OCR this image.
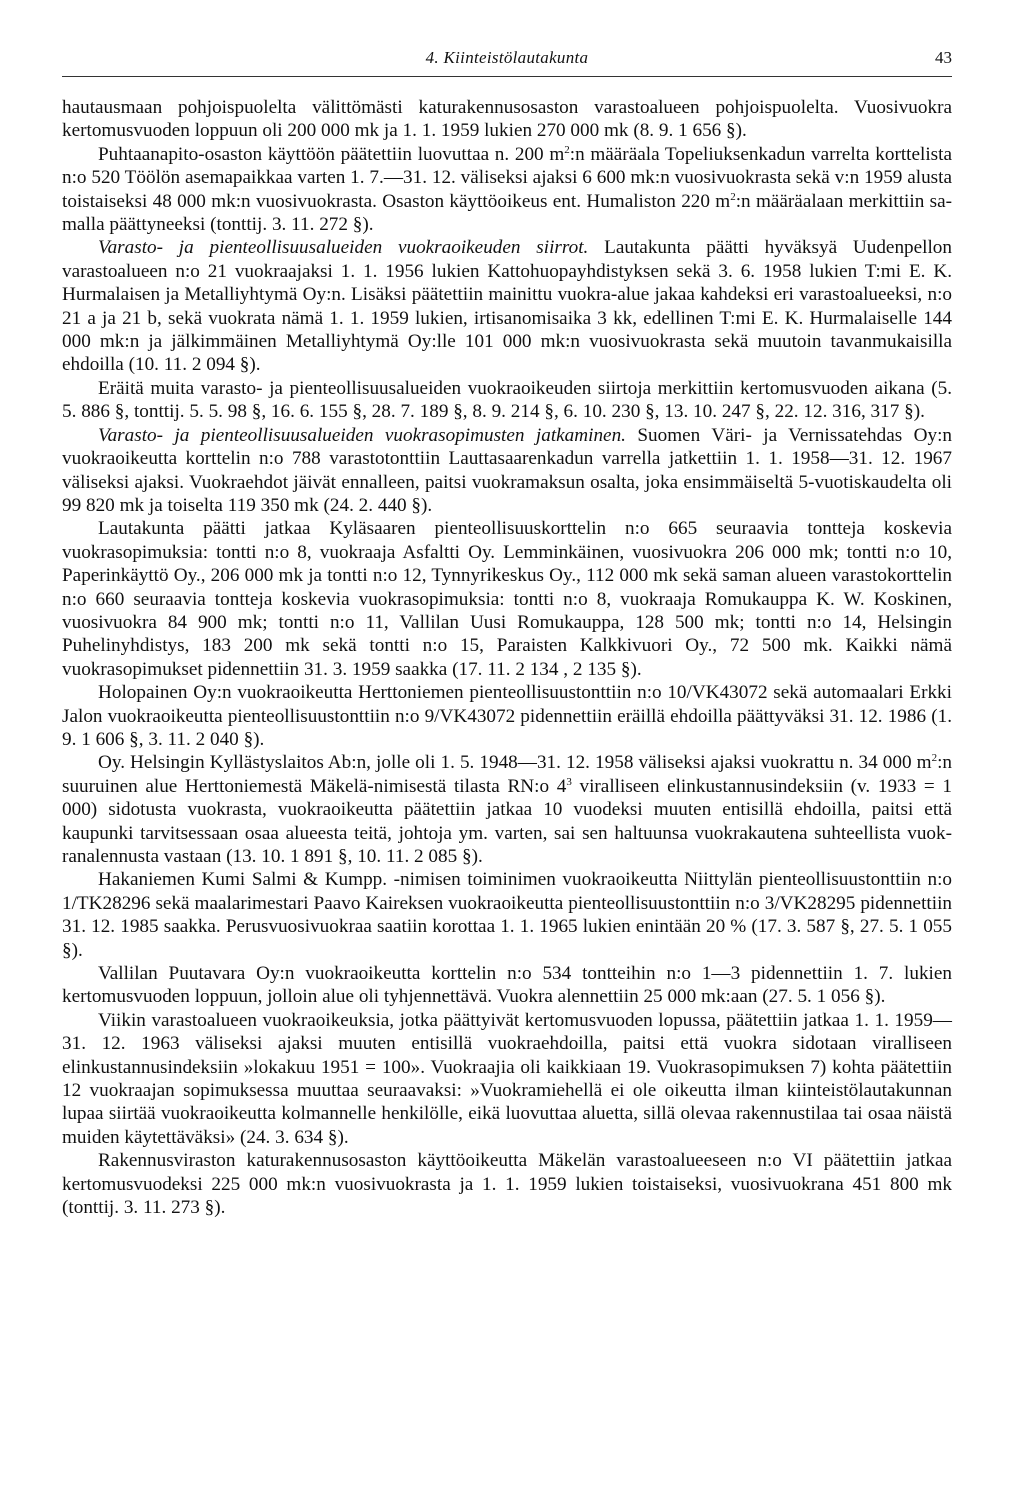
4. Kiinteistölautakunta	43

hautausmaan pohjoispuolelta välittömästi katurakennusosaston varastoalueen pohjoispuolelta. Vuosivuokra kertomusvuoden loppuun oli 200 000 mk ja 1. 1. 1959 lukien 270 000 mk (8. 9. 1 656 §).

Puhtaanapito-osaston käyttöön päätettiin luovuttaa n. 200 $m^2:n$ määräala Topeliuksenkadun varrelta korttelista n:o 520 Töölön asemapaikkaa varten 1. 7.—31. 12. väliseksi ajaksi 6 600 mk:n vuosivuokrasta sekä v:n 1959 alusta toistaiseksi 48 000 mk:n vuosivuokrasta. Osaston käyttöoikeus ent. Humaliston 220 $m^2:n$ määräalaan merkittiin samalla päättyneeksi (tonttij. 3. 11. 272 §).

Varasto- ja pienteollisuusalueiden vuokraoikeuden siirrot. Lautakunta päätti hyväksyä Uudenpellon varastoalueen n:o 21 vuokraajaksi 1. 1. 1956 lukien Kattohuopayhdistyksen sekä 3. 6. 1958 lukien T:mi E. K. Hurmalaisen ja Metalliyhtymä Oy:n. Lisäksi päätettiin mainittu vuokra-alue jakaa kahdeksi eri varastoalueeksi, n:o 21 a ja 21 b, sekä vuokrata nämä 1. 1. 1959 lukien, irtisanomisaika 3 kk, edellinen T:mi E. K. Hurmalaiselle 144 000 mk:n ja jälkimmäinen Metalliyhtymä Oy:lle 101 000 mk:n vuosivuokrasta sekä muutoin tavanmukaisilla ehdoilla (10. 11. 2 094 §).

Eräitä muita varasto- ja pienteollisuusalueiden vuokraoikeuden siirtoja merkittiin kertomusvuoden aikana (5. 5. 886 §, tonttij. 5. 5. 98 §, 16. 6. 155 §, 28. 7. 189 §, 8. 9. 214 §, 6. 10. 230 §, 13. 10. 247 §, 22. 12. 316, 317 §).

Varasto- ja pienteollisuusalueiden vuokrasopimusten jatkaminen. Suomen Väri- ja Vernissatehdas Oy:n vuokraoikeutta korttelin n:o 788 varastotonttiin Lauttasaarenkadun varrella jatkettiin 1. 1. 1958—31. 12. 1967 väliseksi ajaksi. Vuokraehdot jäivät ennalleen, paitsi vuokramaksun osalta, joka ensimmäiseltä 5-vuotiskaudelta oli 99 820 mk ja toiselta 119 350 mk (24. 2. 440 §).

Lautakunta päätti jatkaa Kyläsaaren pienteollisuuskorttelin n:o 665 seuraavia tontteja koskevia vuokrasopimuksia: tontti n:o 8, vuokraaja Asfaltti Oy. Lemminkäinen, vuosivuokra 206 000 mk; tontti n:o 10, Paperinkäyttö Oy., 206 000 mk ja tontti n:o 12, Tynnyrikeskus Oy., 112 000 mk sekä saman alueen varastokorttelin n:o 660 seuraavia tontteja koskevia vuokrasopimuksia: tontti n:o 8, vuokraaja Romukauppa K. W. Koskinen, vuosivuokra 84 900 mk; tontti n:o 11, Vallilan Uusi Romukauppa, 128 500 mk; tontti n:o 14, Helsingin Puhelinyhdistys, 183 200 mk sekä tontti n:o 15, Paraisten Kalkkivuori Oy., 72 500 mk. Kaikki nämä vuokrasopimukset pidennettiin 31. 3. 1959 saakka (17. 11. 2 134 , 2 135 §).

Holopainen Oy:n vuokraoikeutta Herttoniemen pienteollisuustonttiin n:o 10/VK43072 sekä automaalari Erkki Jalon vuokraoikeutta pienteollisuustonttiin n:o 9/VK43072 pidennettiin eräillä ehdoilla päättyväksi 31. 12. 1986 (1. 9. 1 606 §, 3. 11. 2 040 §).

Oy. Helsingin Kyllästyslaitos Ab:n, jolle oli 1. 5. 1948—31. 12. 1958 väliseksi ajaksi vuokrattu n. 34 000 $m^2:n$ suuruinen alue Herttoniemestä Mäkelä-nimisestä tilasta RN:o $4^3$ viralliseen elinkustannusindeksiin (v. 1933 = 1 000) sidotusta vuokrasta, vuokraoikeutta päätettiin jatkaa 10 vuodeksi muuten entisillä ehdoilla, paitsi että kaupunki tarvitsessaan osaa alueesta teitä, johtoja ym. varten, sai sen haltuunsa vuokrakautena suhteellista vuokranalennusta vastaan (13. 10. 1 891 §, 10. 11. 2 085 §).

Hakaniemen Kumi Salmi & Kumpp. -nimisen toiminimen vuokraoikeutta Niittylän pienteollisuustonttiin n:o 1/TK28296 sekä maalarimestari Paavo Kaireksen vuokraoikeutta pienteollisuustonttiin n:o 3/VK28295 pidennettiin 31. 12. 1985 saakka. Perusvuosivuokraa saatiin korottaa 1. 1. 1965 lukien enintään 20 % (17. 3. 587 §, 27. 5. 1 055 §).

Vallilan Puutavara Oy:n vuokraoikeutta korttelin n:o 534 tontteihin n:o 1—3 pidennettiin 1. 7. lukien kertomusvuoden loppuun, jolloin alue oli tyhjennettävä. Vuokra alennettiin 25 000 mk:aan (27. 5. 1 056 §).

Viikin varastoalueen vuokraoikeuksia, jotka päättyivät kertomusvuoden lopussa, päätettiin jatkaa 1. 1. 1959—31. 12. 1963 väliseksi ajaksi muuten entisillä vuokraehdoilla, paitsi että vuokra sidotaan viralliseen elinkustannusindeksiin »lokakuu 1951 = 100». Vuokraajia oli kaikkiaan 19. Vuokrasopimuksen 7) kohta päätettiin 12 vuokraajan sopimuksessa muuttaa seuraavaksi: »Vuokramiehellä ei ole oikeutta ilman kiinteistölautakunnan lupaa siirtää vuokraoikeutta kolmannelle henkilölle, eikä luovuttaa aluetta, sillä olevaa rakennustilaa tai osaa näistä muiden käytettäväksi» (24. 3. 634 §).

Rakennusviraston katurakennusosaston käyttöoikeutta Mäkelän varastoalueeseen n:o VI päätettiin jatkaa kertomusvuodeksi 225 000 mk:n vuosivuokrasta ja 1. 1. 1959 lukien toistaiseksi, vuosivuokrana 451 800 mk (tonttij. 3. 11. 273 §).
